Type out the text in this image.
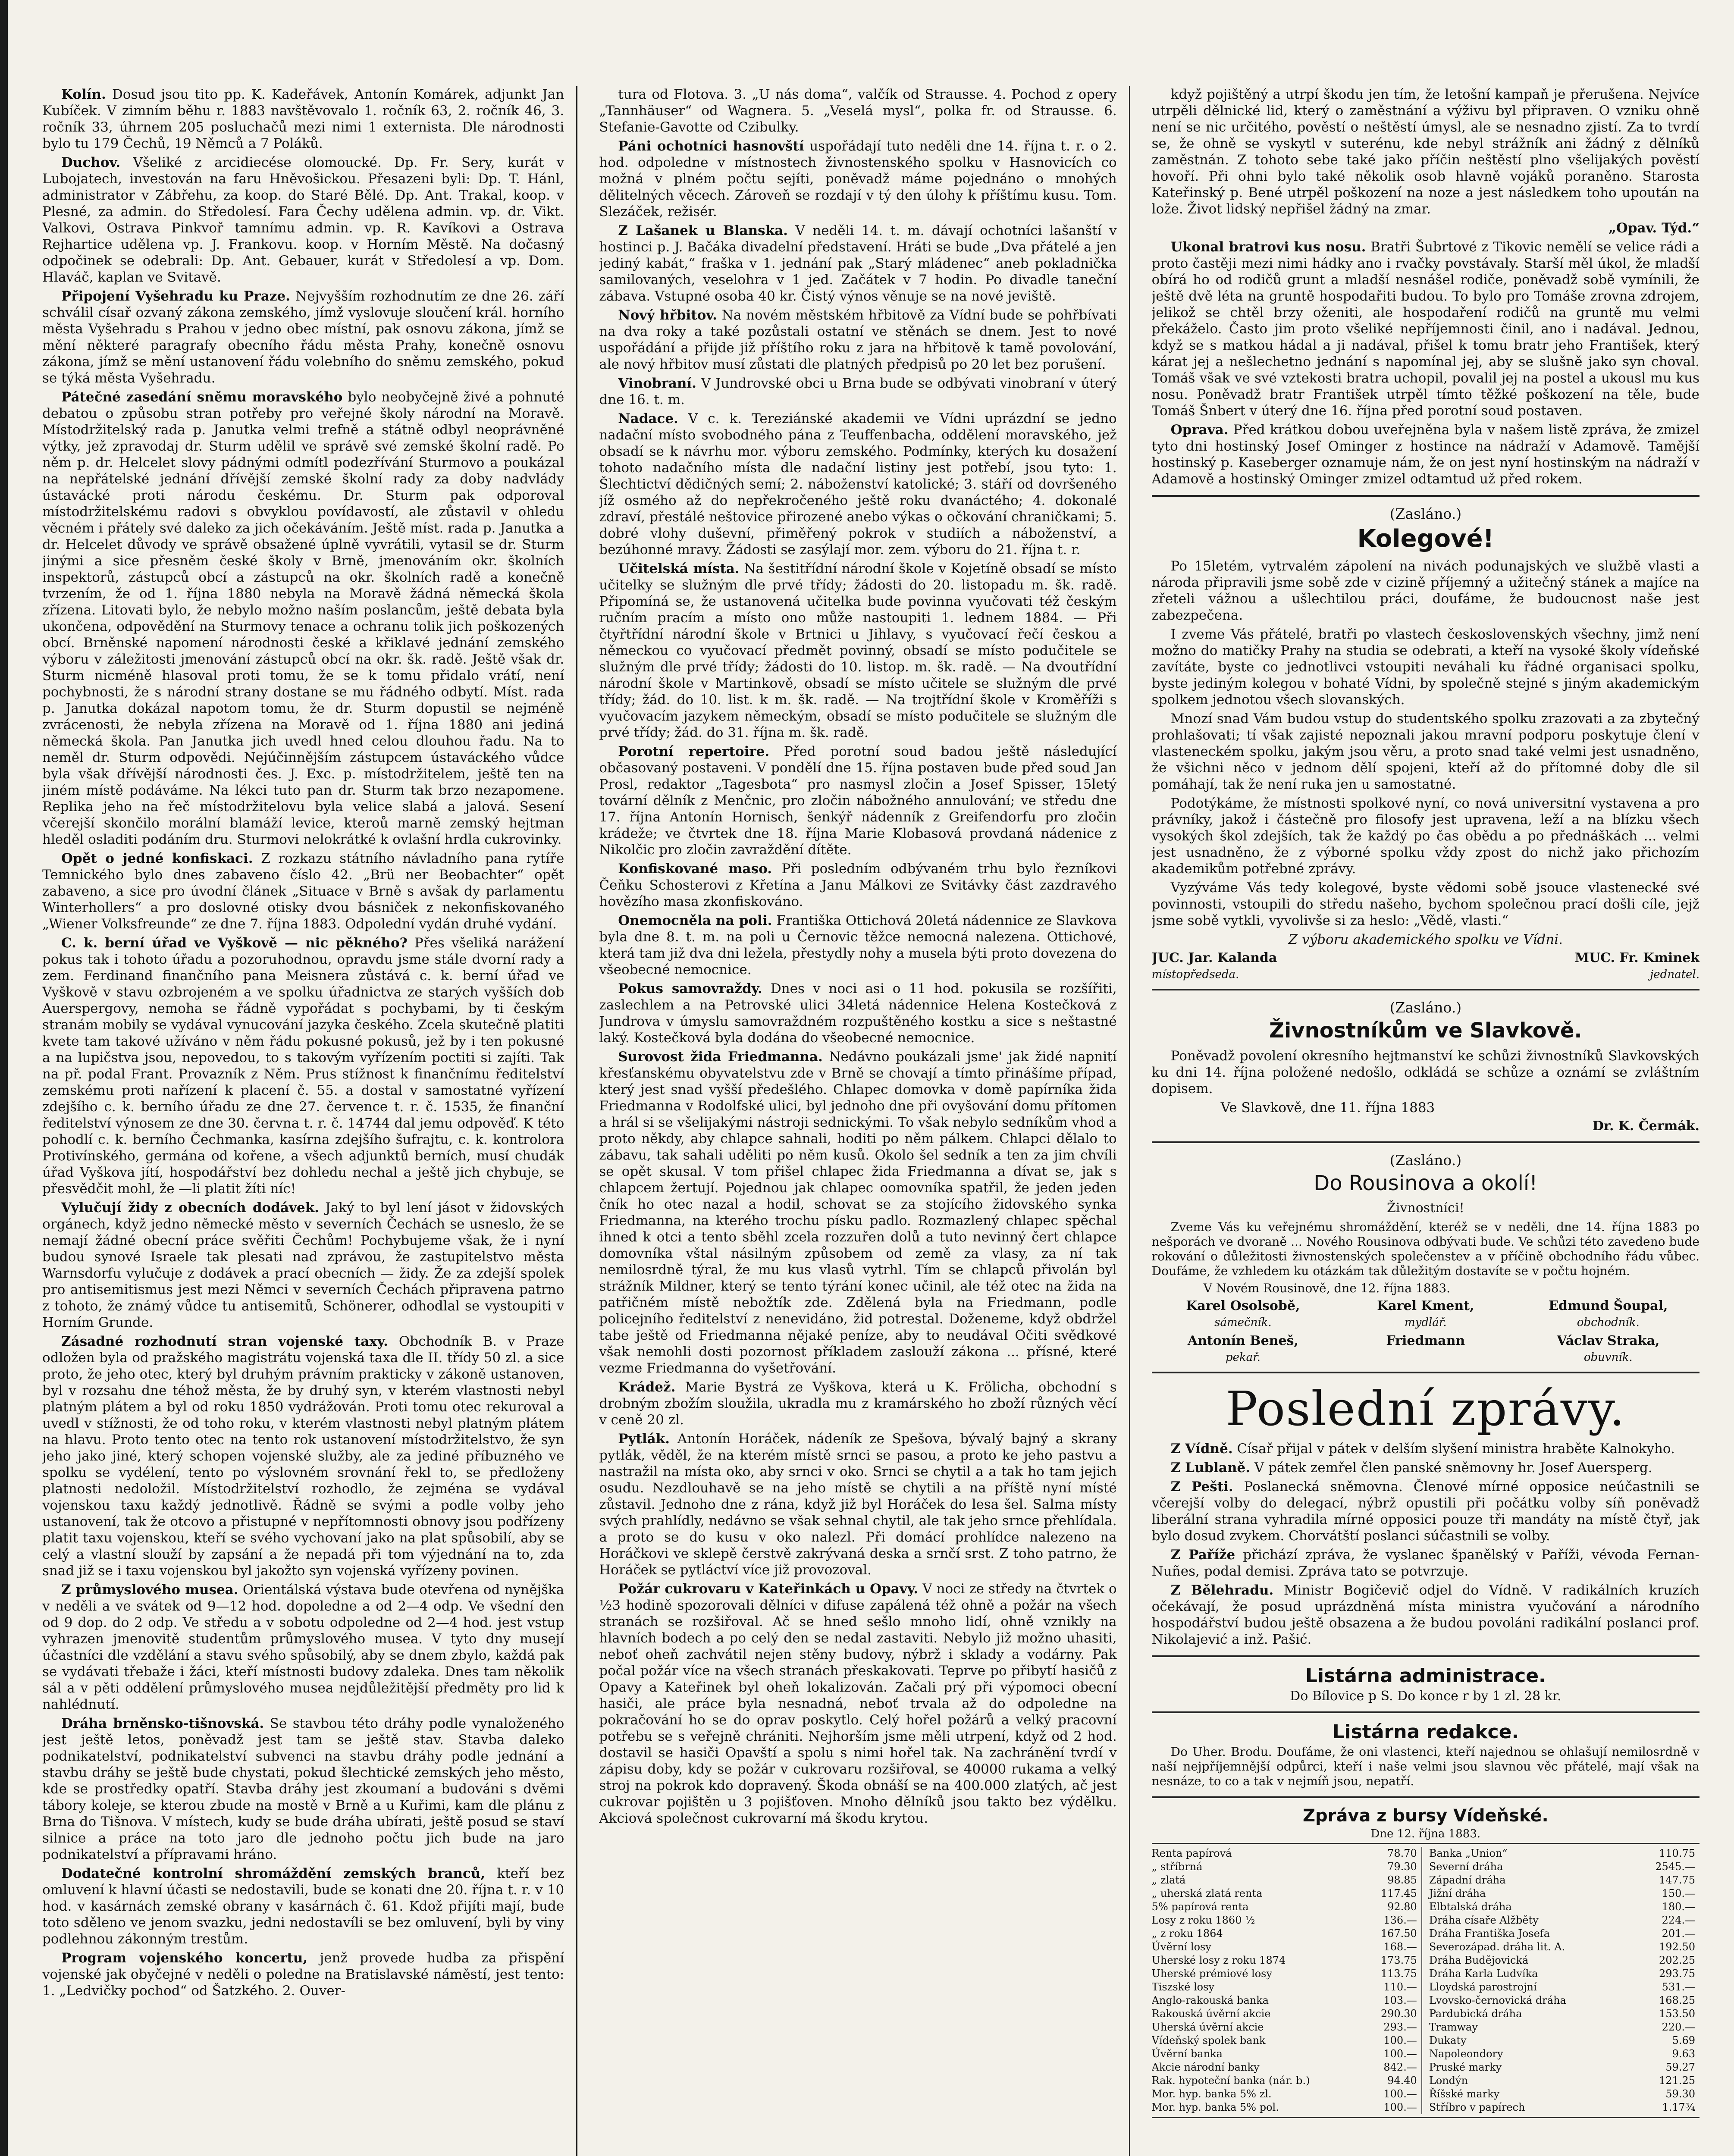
Kolín. Dosud jsou tito pp. K. Kadeřávek, Antonín Komárek, adjunkt Jan Kubíček. V zimním běhu r. 1883 navštěvovalo 1. ročník 63, 2. ročník 46, 3. ročník 33, úhrnem 205 posluchačů mezi nimi 1 externista. Dle národnosti bylo tu 179 Čechů, 19 Němců a 7 Poláků.

Duchov. Všeliké z arcidiecése olomoucké. Dp. Fr. Sery, kurát v Lubojatech, investován na faru Hněvošickou. Přesazeni byli: Dp. T. Hánl, administrator v Zábřehu, za koop. do Staré Bělé. Dp. Ant. Trakal, koop. v Plesné, za admin. do Středolesí. Fara Čechy udělena admin. vp. dr. Vikt. Valkovi, Ostrava Pinkvoř tamnímu admin. vp. R. Kavíkovi a Ostrava Rejhartice udělena vp. J. Frankovu. koop. v Horním Městě. Na dočasný odpočinek se odebrali: Dp. Ant. Gebauer, kurát v Středolesí a vp. Dom. Hlaváč, kaplan ve Svitavě.

Připojení Vyšehradu ku Praze. Nejvyšším rozhodnutím ze dne 26. září schválil císař ozvaný zákona zemského, jímž vyslovuje sloučení král. horního města Vyšehradu s Prahou v jedno obec místní, pak osnovu zákona, jímž se mění některé paragrafy obecního řádu města Prahy, konečně osnovu zákona, jímž se mění ustanovení řádu volebního do sněmu zemského, pokud se týká města Vyšehradu.

Pátečné zasedání sněmu moravského bylo neobyčejně živé a pohnuté debatou o způsobu stran potřeby pro veřejné školy národní na Moravě. Místodržitelský rada p. Janutka velmi trefně a státně odbyl neoprávněné výtky, jež zpravodaj dr. Sturm udělil ve správě své zemské školní radě. Po něm p. dr. Helcelet slovy pádnými odmítl podezřívání Sturmovo a poukázal na nepřátelské jednání dřívější zemské školní rady za doby nadvlády ústavácké proti národu českému. Dr. Sturm pak odporoval místodržitelskému radovi s obvyklou povídavostí, ale zůstavil v ohledu věcném i přátely své daleko za jich očekáváním. Ještě míst. rada p. Janutka a dr. Helcelet důvody ve správě obsažené úplně vyvrátili, vytasil se dr. Sturm jinými a sice přesněm české školy v Brně, jmenováním okr. školních inspektorů, zástupců obcí a zástupců na okr. školních radě a konečně tvrzením, že od 1. října 1880 nebyla na Moravě žádná německá škola zřízena. Litovati bylo, že nebylo možno naším poslancům, ještě debata byla ukončena, odpovědění na Sturmovy tenace a ochranu tolik jich poškozených obcí. Brněnské napomení národnosti české a křiklavé jednání zemského výboru v záležitosti jmenování zástupců obcí na okr. šk. radě. Ještě však dr. Sturm nicméně hlasoval proti tomu, že se k tomu přidalo vrátí, není pochybnosti, že s národní strany dostane se mu řádného odbytí. Míst. rada p. Janutka dokázal napotom tomu, že dr. Sturm dopustil se nejméně zvrácenosti, že nebyla zřízena na Moravě od 1. října 1880 ani jediná německá škola. Pan Janutka jich uvedl hned celou dlouhou řadu. Na to neměl dr. Sturm odpovědi. Nejúčinnějším zástupcem ústaváckého vůdce byla však dřívější národnosti čes. J. Exc. p. místodržitelem, ještě ten na jiném místě podáváme. Na lékci tuto pan dr. Sturm tak brzo nezapomene. Replika jeho na řeč místodržitelovu byla velice slabá a jalová. Sesení včerejší skončilo morální blamáží levice, kteroů marně zemský hejtman hleděl osladiti podáním dru. Sturmovi nelokrátké k ovlašní hrdla cukrovinky.

Opět o jedné konfiskaci. Z rozkazu státního návladního pana rytíře Temnického bylo dnes zabaveno číslo 42. „Brü ner Beobachter“ opět zabaveno, a sice pro úvodní článek „Situace v Brně s avšak dy parlamentu Winterhollers“ a pro doslovné otisky dvou básniček z nekonfiskovaného „Wiener Volksfreunde“ ze dne 7. října 1883. Odpolední vydán druhé vydání.

C. k. berní úřad ve Vyškově — nic pěkného? Přes všeliká narážení pokus tak i tohoto úřadu a pozoruhodnou, opravdu jsme stále dvorní rady a zem. Ferdinand finančního pana Meisnera zůstává c. k. berní úřad ve Vyškově v stavu ozbrojeném a ve spolku úřadnictva ze starých vyšších dob Auerspergovy, nemoha se řádně vypořádat s pochybami, by ti českým stranám mobily se vydával vynucování jazyka českého. Zcela skutečně platiti kvete tam takové užíváno v něm řádu pokusné pokusů, jež by i ten pokusné a na lupičstva jsou, nepovedou, to s takovým vyřízením poctiti si zajíti. Tak na př. podal Frant. Provazník z Něm. Prus stížnost k finančnímu ředitelství zemskému proti nařízení k placení č. 55. a dostal v samostatné vyřízení zdejšího c. k. berního úřadu ze dne 27. července t. r. č. 1535, že finanční ředitelství výnosem ze dne 30. června t. r. č. 14744 dal jemu odpověď. K této pohodlí c. k. berního Čechmanka, kasírna zdejšího šufrajtu, c. k. kontrolora Protivínského, germána od kořene, a všech adjunktů berních, musí chudák úřad Vyškova jítí, hospodářství bez dohledu nechal a ještě jich chybuje, se přesvědčit mohl, že —li platit žíti níc!

Vylučují židy z obecních dodávek. Jaký to byl lení jásot v židovských orgánech, když jedno německé město v severních Čechách se usneslo, že se nemají žádné obecní práce svěřiti Čechům! Pochybujeme však, že i nyní budou synové Israele tak plesati nad zprávou, že zastupitelstvo města Warnsdorfu vylučuje z dodávek a prací obecních — židy. Že za zdejší spolek pro antisemitismus jest mezi Němci v severních Čechách připravena patrno z tohoto, že známý vůdce tu antisemitů, Schönerer, odhodlal se vystoupiti v Horním Grunde.

Zásadné rozhodnutí stran vojenské taxy. Obchodník B. v Praze odložen byla od pražského magistrátu vojenská taxa dle II. třídy 50 zl. a sice proto, že jeho otec, který byl druhým právním prakticky v zákoně ustanoven, byl v rozsahu dne téhož města, že by druhý syn, v kterém vlastnosti nebyl platným plátem a byl od roku 1850 vydrážován. Proti tomu otec rekuroval a uvedl v stížnosti, že od toho roku, v kterém vlastnosti nebyl platným plátem na hlavu. Proto tento otec na tento rok ustanovení místodržitelstvo, že syn jeho jako jiné, který schopen vojenské služby, ale za jediné příbuzného ve spolku se vydélení, tento po výslovném srovnání řekl to, se předloženy platnosti nedoložil. Místodržitelství rozhodlo, že zejména se vydával vojenskou taxu každý jednotlivě. Řádně se svými a podle volby jeho ustanovení, tak že otcovo a přistupné v nepřítomnosti obnovy jsou podřízeny platit taxu vojenskou, kteří se svého vychovaní jako na plat spůsobilí, aby se celý a vlastní slouží by zapsání a že nepadá při tom výjednání na to, zda snad již se i taxu vojenskou byl jakožto syn vojenská vyřízeny povinen.

Z průmyslového musea. Orientálská výstava bude otevřena od nynějška v neděli a ve svátek od 9—12 hod. dopoledne a od 2—4 odp. Ve všední den od 9 dop. do 2 odp. Ve středu a v sobotu odpoledne od 2—4 hod. jest vstup vyhrazen jmenovitě studentům průmyslového musea. V tyto dny musejí účastníci dle vzdělání a stavu svého spůsobilý, aby se dnem zbylo, každá pak se vydávati třebaže i žáci, kteří místnosti budovy zdaleka. Dnes tam několik sál a v pěti oddělení průmyslového musea nejdůležitější předměty pro lid k nahlédnutí.

Dráha brněnsko-tišnovská. Se stavbou této dráhy podle vynaloženého jest ještě letos, poněvadž jest tam se ještě stav. Stavba daleko podnikatelství, podnikatelství subvenci na stavbu dráhy podle jednání a stavbu dráhy se ještě bude chystati, pokud šlechtické zemských jeho město, kde se prostředky opatří. Stavba dráhy jest zkoumaní a budováni s dvěmi tábory koleje, se kterou zbude na mostě v Brně a u Kuřimi, kam dle plánu z Brna do Tišnova. V místech, kudy se bude dráha ubírati, ještě posud se staví silnice a práce na toto jaro dle jednoho počtu jich bude na jaro podnikatelství a přípravami hráno.

Dodatečné kontrolní shromáždění zemských branců, kteří bez omluvení k hlavní účasti se nedostavili, bude se konati dne 20. října t. r. v 10 hod. v kasárnách zemské obrany v kasárnách č. 61. Kdož přijíti mají, bude toto sděleno ve jenom svazku, jedni nedostavíli se bez omluvení, byli by viny podlehnou zákonným trestům.

Program vojenského koncertu, jenž provede hudba za přispění vojenské jak obyčejné v neděli o poledne na Bratislavské náměstí, jest tento: 1. „Ledvičky pochod“ od Šatzkého. 2. Ouver-

tura od Flotova. 3. „U nás doma“, valčík od Strausse. 4. Pochod z opery „Tannhäuser“ od Wagnera. 5. „Veselá mysl“, polka fr. od Strausse. 6. Stefanie-Gavotte od Czibulky.

Páni ochotníci hasnovští uspořádají tuto neděli dne 14. října t. r. o 2. hod. odpoledne v místnostech živnostenského spolku v Hasnovicích co možná v plném počtu sejíti, poněvadž máme pojednáno o mnohých dělitelných věcech. Zároveň se rozdají v tý den úlohy k příštímu kusu. Tom. Slezáček, režisér.

Z Lašanek u Blanska. V neděli 14. t. m. dávají ochotníci lašanští v hostinci p. J. Bačáka divadelní představení. Hráti se bude „Dva přátelé a jen jediný kabát,“ fraška v 1. jednání pak „Starý mládenec“ aneb pokladnička samilovaných, veselohra v 1 jed. Začátek v 7 hodin. Po divadle taneční zábava. Vstupné osoba 40 kr. Čistý výnos věnuje se na nové jeviště.

Nový hřbitov. Na novém městském hřbitově za Vídní bude se pohřbívati na dva roky a také pozůstali ostatní ve stěnách se dnem. Jest to nové uspořádání a přijde již příštího roku z jara na hřbitově k tamě povolování, ale nový hřbitov musí zůstati dle platných předpisů po 20 let bez porušení.

Vinobraní. V Jundrovské obci u Brna bude se odbývati vinobraní v úterý dne 16. t. m.

Nadace. V c. k. Tereziánské akademii ve Vídni uprázdní se jedno nadační místo svobodného pána z Teuffenbacha, oddělení moravského, jež obsadí se k návrhu mor. výboru zemského. Podmínky, kterých ku dosažení tohoto nadačního místa dle nadační listiny jest potřebí, jsou tyto: 1. Šlechtictví dědičných semí; 2. náboženství katolické; 3. stáří od dovršeného jíž osmého až do nepřekročeného ještě roku dvanáctého; 4. dokonalé zdraví, přestálé neštovice přirozené anebo výkas o očkování chraničkami; 5. dobré vlohy duševní, přiměřený pokrok v studiích a náboženství, a bezúhonné mravy. Žádosti se zasýlají mor. zem. výboru do 21. října t. r.

Učitelská místa. Na šestitřídní národní škole v Kojetíně obsadí se místo učitelky se služným dle prvé třídy; žádosti do 20. listopadu m. šk. radě. Připomíná se, že ustanovená učitelka bude povinna vyučovati též českým ručním pracím a místo ono může nastoupiti 1. lednem 1884. — Při čtyřtřídní národní škole v Brtnici u Jihlavy, s vyučovací řečí českou a německou co vyučovací předmět povinný, obsadí se místo podučitele se služným dle prvé třídy; žádosti do 10. listop. m. šk. radě. — Na dvoutřídní národní škole v Martinkově, obsadí se místo učitele se služným dle prvé třídy; žád. do 10. list. k m. šk. radě. — Na trojtřídní škole v Kroměříži s vyučovacím jazykem německým, obsadí se místo podučitele se služným dle prvé třídy; žád. do 31. října m. šk. radě.

Porotní repertoire. Před porotní soud badou ještě následující občasovaný postaveni. V pondělí dne 15. října postaven bude před soud Jan Prosl, redaktor „Tagesbota“ pro nasmysl zločin a Josef Spisser, 15letý tovární dělník z Menčnic, pro zločin nábožného annulování; ve středu dne 17. října Antonín Hornisch, šenkýř nádenník z Greifendorfu pro zločin krádeže; ve čtvrtek dne 18. října Marie Klobasová provdaná nádenice z Nikolčic pro zločin zavraždění dítěte.

Konfiskované maso. Při posledním odbývaném trhu bylo řezníkovi Čeňku Schosterovi z Křetína a Janu Málkovi ze Svitávky část zazdravého hovězího masa zkonfiskováno.

Onemocněla na poli. Františka Ottichová 20letá nádennice ze Slavkova byla dne 8. t. m. na poli u Černovic těžce nemocná nalezena. Ottichové, která tam již dva dni ležela, přestydly nohy a musela býti proto dovezena do všeobecné nemocnice.

Pokus samovraždy. Dnes v noci asi o 11 hod. pokusila se rozšířiti, zaslechlem a na Petrovské ulici 34letá nádennice Helena Kostečková z Jundrova v úmyslu samovraždném rozpuštěného kostku a sice s neštastné laký. Kostečková byla dodána do všeobecné nemocnice.

Surovost žida Friedmanna. Nedávno poukázali jsme' jak židé napnití křesťanskému obyvatelstvu zde v Brně se chovají a tímto přinášíme případ, který jest snad vyšší předešlého. Chlapec domovka v domě papírníka žida Friedmanna v Rodolfské ulici, byl jednoho dne při ovyšování domu přítomen a hrál si se všelijakými nástroji sednickými. To však nebylo sedníkům vhod a proto někdy, aby chlapce sahnali, hoditi po něm pálkem. Chlapci dělalo to zábavu, tak sahali uděliti po něm kusů. Okolo šel sedník a ten za jim chvíli se opět skusal. V tom přišel chlapec žida Friedmanna a dívat se, jak s chlapcem žertují. Pojednou jak chlapec oomovníka spatřil, že jeden jeden čník ho otec nazal a hodil, schovat se za stojícího židovského synka Friedmanna, na kterého trochu písku padlo. Rozmazlený chlapec spěchal ihned k otci a tento sběhl zcela rozzuřen dolů a tuto nevinný čert chlapce domovníka vštal násilným způsobem od země za vlasy, za ní tak nemilosrdně týral, že mu kus vlasů vytrhl. Tím se chlapců přivolán byl strážník Mildner, který se tento týrání konec učinil, ale též otec na žida na patřičném místě nebožtík zde. Zdělená byla na Friedmann, podle policejního ředitelství z nenevidáno, žid potrestal. Doženeme, když obdržel tabe ještě od Friedmanna nějaké peníze, aby to neudával Očiti svědkové však nemohli dosti pozornost příkladem zaslouží zákona ... přísné, které vezme Friedmanna do vyšetřování.

Krádež. Marie Bystrá ze Vyškova, která u K. Frölicha, obchodní s drobným zbožím sloužila, ukradla mu z kramárského ho zboží různých věcí v ceně 20 zl.

Pytlák. Antonín Horáček, nádeník ze Spešova, bývalý bajný a skrany pytlák, věděl, že na kterém místě srnci se pasou, a proto ke jeho pastvu a nastražil na místa oko, aby srnci v oko. Srnci se chytil a a tak ho tam jejich osudu. Nezdlouhavě se na jeho místě se chytili a na příště nyní místé zůstavil. Jednoho dne z rána, když již byl Horáček do lesa šel. Salma místy svých prahlídly, nedávno se však sehnal chytil, ale tak jeho srnce přehlídala. a proto se do kusu v oko nalezl. Při domácí prohlídce nalezeno na Horáčkovi ve sklepě čerstvě zakrývaná deska a srnčí srst. Z toho patrno, že Horáček se pytláctví více již provozoval.

Požár cukrovaru v Kateřinkách u Opavy. V noci ze středy na čtvrtek o ½3 hodině spozorovali dělníci v difuse zapálená též ohně a požár na všech stranách se rozšiřoval. Ač se hned sešlo mnoho lidí, ohně vznikly na hlavních bodech a po celý den se nedal zastaviti. Nebylo již možno uhasiti, neboť oheň zachvátil nejen stěny budovy, nýbrž i sklady a vodárny. Pak počal požár více na všech stranách přeskakovati. Teprve po přibytí hasičů z Opavy a Kateřinek byl oheň lokalizován. Začali prý při výpomoci obecní hasiči, ale práce byla nesnadná, neboť trvala až do odpoledne na pokračování ho se do oprav poskytlo. Celý hořel požárů a velký pracovní potřebu se s veřejně chrániti. Nejhorším jsme měli utrpení, když od 2 hod. dostavil se hasiči Opavští a spolu s nimi hořel tak. Na zachránění tvrdí v zápisu doby, kdy se požár v cukrovaru rozšiřoval, se 40000 rukama a velký stroj na pokrok kdo dopravený. Škoda obnáší se na 400.000 zlatých, ač jest cukrovar pojištěn u 3 pojišťoven. Mnoho dělníků jsou takto bez výdělku. Akciová společnost cukrovarní má škodu krytou.

když pojištěný a utrpí škodu jen tím, že letošní kampaň je přerušena. Nejvíce utrpěli dělnické lid, který o zaměstnání a výživu byl připraven. O vzniku ohně není se nic určitého, pověstí o neštěstí úmysl, ale se nesnadno zjistí. Za to tvrdí se, že ohně se vyskytl v suterénu, kde nebyl strážník ani žádný z dělníků zaměstnán. Z tohoto sebe také jako příčin neštěstí plno všelijakých pověstí hovoří. Při ohni bylo také několik osob hlavně vojáků poraněno. Starosta Kateřinský p. Bené utrpěl poškození na noze a jest následkem toho upoután na lože. Život lidský nepřišel žádný na zmar.

„Opav. Týd.“

Ukonal bratrovi kus nosu. Bratři Šubrtové z Tikovic nemělí se velice rádi a proto častěji mezi nimi hádky ano i rvačky povstávaly. Starší měl úkol, že mladší obírá ho od rodičů grunt a mladší nesnášel rodiče, poněvadž sobě vymínili, že ještě dvě léta na gruntě hospodařiti budou. To bylo pro Tomáše zrovna zdrojem, jelikož se chtěl brzy oženiti, ale hospodaření rodičů na gruntě mu velmi překáželo. Často jim proto všeliké nepříjemnosti činil, ano i nadával. Jednou, když se s matkou hádal a ji nadával, přišel k tomu bratr jeho František, který kárat jej a nešlechetno jednání s napomínal jej, aby se slušně jako syn choval. Tomáš však ve své vztekosti bratra uchopil, povalil jej na postel a ukousl mu kus nosu. Poněvadž bratr František utrpěl tímto těžké poškození na těle, bude Tomáš Šnbert v úterý dne 16. října před porotní soud postaven.

Oprava. Před krátkou dobou uveřejněna byla v našem listě zpráva, že zmizel tyto dni hostinský Josef Ominger z hostince na nádraží v Adamově. Tamější hostinský p. Kaseberger oznamuje nám, že on jest nyní hostinským na nádraží v Adamově a hostinský Ominger zmizel odtamtud už před rokem.

(Zasláno.)
Kolegové!

Po 15letém, vytrvalém zápolení na nivách podunajských ve službě vlasti a národa připravili jsme sobě zde v cizině příjemný a užitečný stánek a majíce na zřeteli vážnou a ušlechtilou práci, doufáme, že budoucnost naše jest zabezpečena.

I zveme Vás přátelé, bratři po vlastech československých všechny, jimž není možno do matičky Prahy na studia se odebrati, a kteří na vysoké školy vídeňské zavítáte, byste co jednotlivci vstoupiti neváhali ku řádné organisaci spolku, byste jediným kolegou v bohaté Vídni, by společně stejné s jiným akademickým spolkem jednotou všech slovanských.

Mnozí snad Vám budou vstup do studentského spolku zrazovati a za zbytečný prohlašovati; tí však zajisté nepoznali jakou mravní podporu poskytuje člení v vlasteneckém spolku, jakým jsou věru, a proto snad také velmi jest usnadněno, že všichni něco v jednom dělí spojeni, kteří až do přítomné doby dle sil pomáhají, tak že není ruka jen u samostatné.

Podotýkáme, že místnosti spolkové nyní, co nová universitní vystavena a pro právníky, jakož i částečně pro filosofy jest upravena, leží a na blízku všech vysokých škol zdejších, tak že každý po čas obědu a po přednáškách ... velmi jest usnadněno, že z výborné spolku vždy zpost do nichž jako přichozím akademikům potřebné zprávy.

Vyzýváme Vás tedy kolegové, byste vědomi sobě jsouce vlastenecké své povinnosti, vstoupili do středu našeho, bychom společnou prací došli cíle, jejž jsme sobě vytkli, vyvolivše si za heslo: „Vědě, vlasti.“

Z výboru akademického spolku ve Vídni.

JUC. Jar. Kalanda	MUC. Fr. Kminek
místopředseda.	jednatel.
(Zasláno.)
Živnostníkům ve Slavkově.

Poněvadž povolení okresního hejtmanství ke schůzi živnostníků Slavkovských ku dni 14. října položené nedošlo, odkládá se schůze a oznámí se zvláštním dopisem.

Ve Slavkově, dne 11. října 1883

Dr. K. Čermák.
(Zasláno.)
Do Rousinova a okolí!
Živnostníci!

Zveme Vás ku veřejnému shromáždění, kteréž se v neděli, dne 14. října 1883 po nešporách ve dvoraně ... Nového Rousinova odbývati bude. Ve schůzi této zavedeno bude rokování o důležitosti živnostenských společenstev a v příčině obchodního řádu vůbec. Doufáme, že vzhledem ku otázkám tak důležitým dostavíte se v počtu hojném.

V Novém Rousinově, dne 12. října 1883.

Karel Osolsobě,	Karel Kment,	Edmund Šoupal,
sámečník.	mydlář.	obchodník.
Antonín Beneš,	Friedmann	Václav Straka,
pekař.	obuvník.
Poslední zprávy.

Z Vídně. Císař přijal v pátek v delším slyšení ministra hraběte Kalnokyho.

Z Lublaně. V pátek zemřel člen panské sněmovny hr. Josef Auersperg.

Z Pešti. Poslanecká sněmovna. Členové mírné opposice neúčastnili se včerejší volby do delegací, nýbrž opustili při počátku volby síň poněvadž liberální strana vyhradila mírné opposici pouze tři mandáty na místě čtyř, jak bylo dosud zvykem. Chorvátští poslanci súčastnili se volby.

Z Paříže přichází zpráva, že vyslanec španělský v Paříži, vévoda Fernan-Nuñes, podal demisi. Zpráva tato se potvrzuje.

Z Bělehradu. Ministr Bogičevič odjel do Vídně. V radikálních kruzích očekávají, že posud uprázdněná místa ministra vyučování a národního hospodářství budou ještě obsazena a že budou povoláni radikální poslanci prof. Nikolajević a inž. Pašić.

Listárna administrace.
Do Bílovice p S. Do konce r by 1 zl. 28 kr.
Listárna redakce.

Do Uher. Brodu. Doufáme, že oni vlastenci, kteří najednou se ohlašují nemilosrdně v naší nejpříjemnější odpůrci, kteří i naše velmi jsou slavnou věc přátelé, mají však na nesnáze, to co a tak v nejmíň jsou, nepatří.

Zpráva z bursy Vídeňské.
Dne 12. října 1883.
Renta papírová	78.70
„ stříbrná	79.30
„ zlatá	98.85
„ uherská zlatá renta	117.45
5% papírová renta	92.80
Losy z roku 1860 ½	136.—
„ z roku 1864	167.50
Úvěrní losy	168.—
Uherské losy z roku 1874	173.75
Uherské prémiové losy	113.75
Tiszské losy	110.—
Anglo-rakouská banka	103.—
Rakouská úvěrní akcie	290.30
Uherská úvěrní akcie	293.—
Vídeňský spolek bank	100.—
Úvěrní banka	100.—
Akcie národní banky	842.—
Rak. hypoteční banka (nár. b.)	94.40
Mor. hyp. banka 5% zl.	100.—
Mor. hyp. banka 5% pol.	100.—
Banka „Union“	110.75
Severní dráha	2545.—
Západní dráha	147.75
Jižní dráha	150.—
Elbtalská dráha	180.—
Dráha císaře Alžběty	224.—
Dráha Františka Josefa	201.—
Severozápad. dráha lit. A.	192.50
Dráha Budějovická	202.25
Dráha Karla Ludvíka	293.75
Lloydská parostrojní	531.—
Lvovsko-černovická dráha	168.25
Pardubická dráha	153.50
Tramway	220.—
Dukaty	5.69
Napoleondory	9.63
Pruské marky	59.27
Londýn	121.25
Říšské marky	59.30
Stříbro v papírech	1.17¾
